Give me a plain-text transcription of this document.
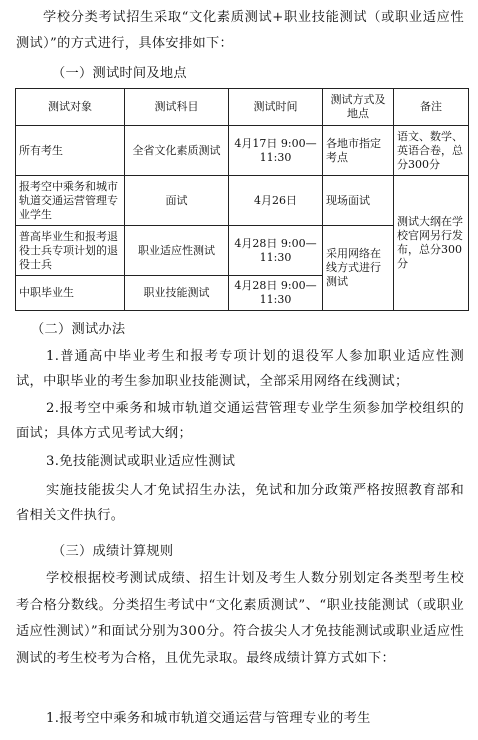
学校分类考试招生采取“文化素质测试+职业技能测试（或职业适应性测试）”的方式进行，具体安排如下：

（一）测试时间及地点

测试对象	测试科目	测试时间	测试方式及地点	备注
所有考生	全省文化素质测试	4月17日 9:00—11:30	各地市指定考点	语文、数学、英语合卷，总分300分
报考空中乘务和城市轨道交通运营管理专业学生	面试	4月26日	现场面试	测试大纲在学校官网另行发布，总分300分
普高毕业生和报考退役士兵专项计划的退役士兵	职业适应性测试	4月28日 9:00—11:30	采用网络在线方式进行测试	
中职毕业生	职业技能测试	4月28日 9:00—11:30		

（二）测试办法

1.普通高中毕业考生和报考专项计划的退役军人参加职业适应性测试，中职毕业的考生参加职业技能测试，全部采用网络在线测试；

2.报考空中乘务和城市轨道交通运营管理专业学生须参加学校组织的面试；具体方式见考试大纲；

3.免技能测试或职业适应性测试

实施技能拔尖人才免试招生办法，免试和加分政策严格按照教育部和省相关文件执行。

（三）成绩计算规则

学校根据校考测试成绩、招生计划及考生人数分别划定各类型考生校考合格分数线。分类招生考试中“文化素质测试”、“职业技能测试（或职业适应性测试）”和面试分别为300分。符合拔尖人才免技能测试或职业适应性测试的考生校考为合格，且优先录取。最终成绩计算方式如下：

1.报考空中乘务和城市轨道交通运营与管理专业的考生
